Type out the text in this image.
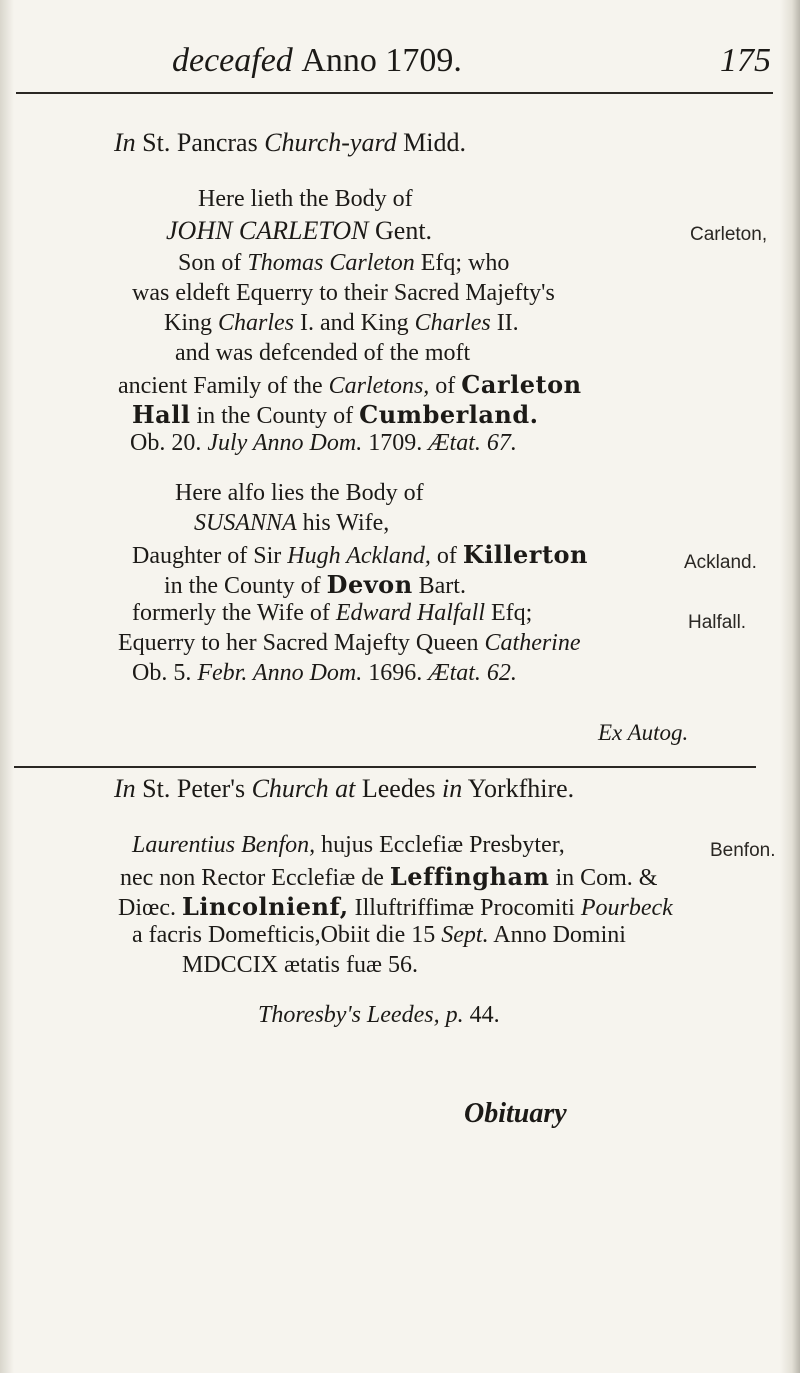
deceafed Anno 1709.	175
In St. Pancras Church-yard Midd.
Here lieth the Body of
JOHN CARLETON Gent.	Carleton,
Son of Thomas Carleton Efq; who
was eldeft Equerry to their Sacred Majefty's
King Charles I. and King Charles II.
and was defcended of the moft
ancient Family of the Carletons, of Carleton
Hall in the County of Cumberland.
Ob. 20. July Anno Dom. 1709. Ætat. 67.
Here alfo lies the Body of
SUSANNA his Wife,
Daughter of Sir Hugh Ackland, of Killerton	Ackland.
in the County of Devon Bart.
formerly the Wife of Edward Halfall Efq;	Halfall.
Equerry to her Sacred Majefty Queen Catherine
Ob. 5. Febr. Anno Dom. 1696. Ætat. 62.
Ex Autog.
In St. Peter's Church at Leedes in Yorkfhire.
Laurentius Benfon, hujus Ecclefiæ Presbyter,	Benfon.
nec non Rector Ecclefiæ de Leffingham in Com. &
Diœc. Lincolnienf, Illuftriffimæ Procomiti Pourbeck
a facris Domefticis,Obiit die 15 Sept. Anno Domini
MDCCIX ætatis fuæ 56.
Thoresby's Leedes, p. 44.
Obituary
